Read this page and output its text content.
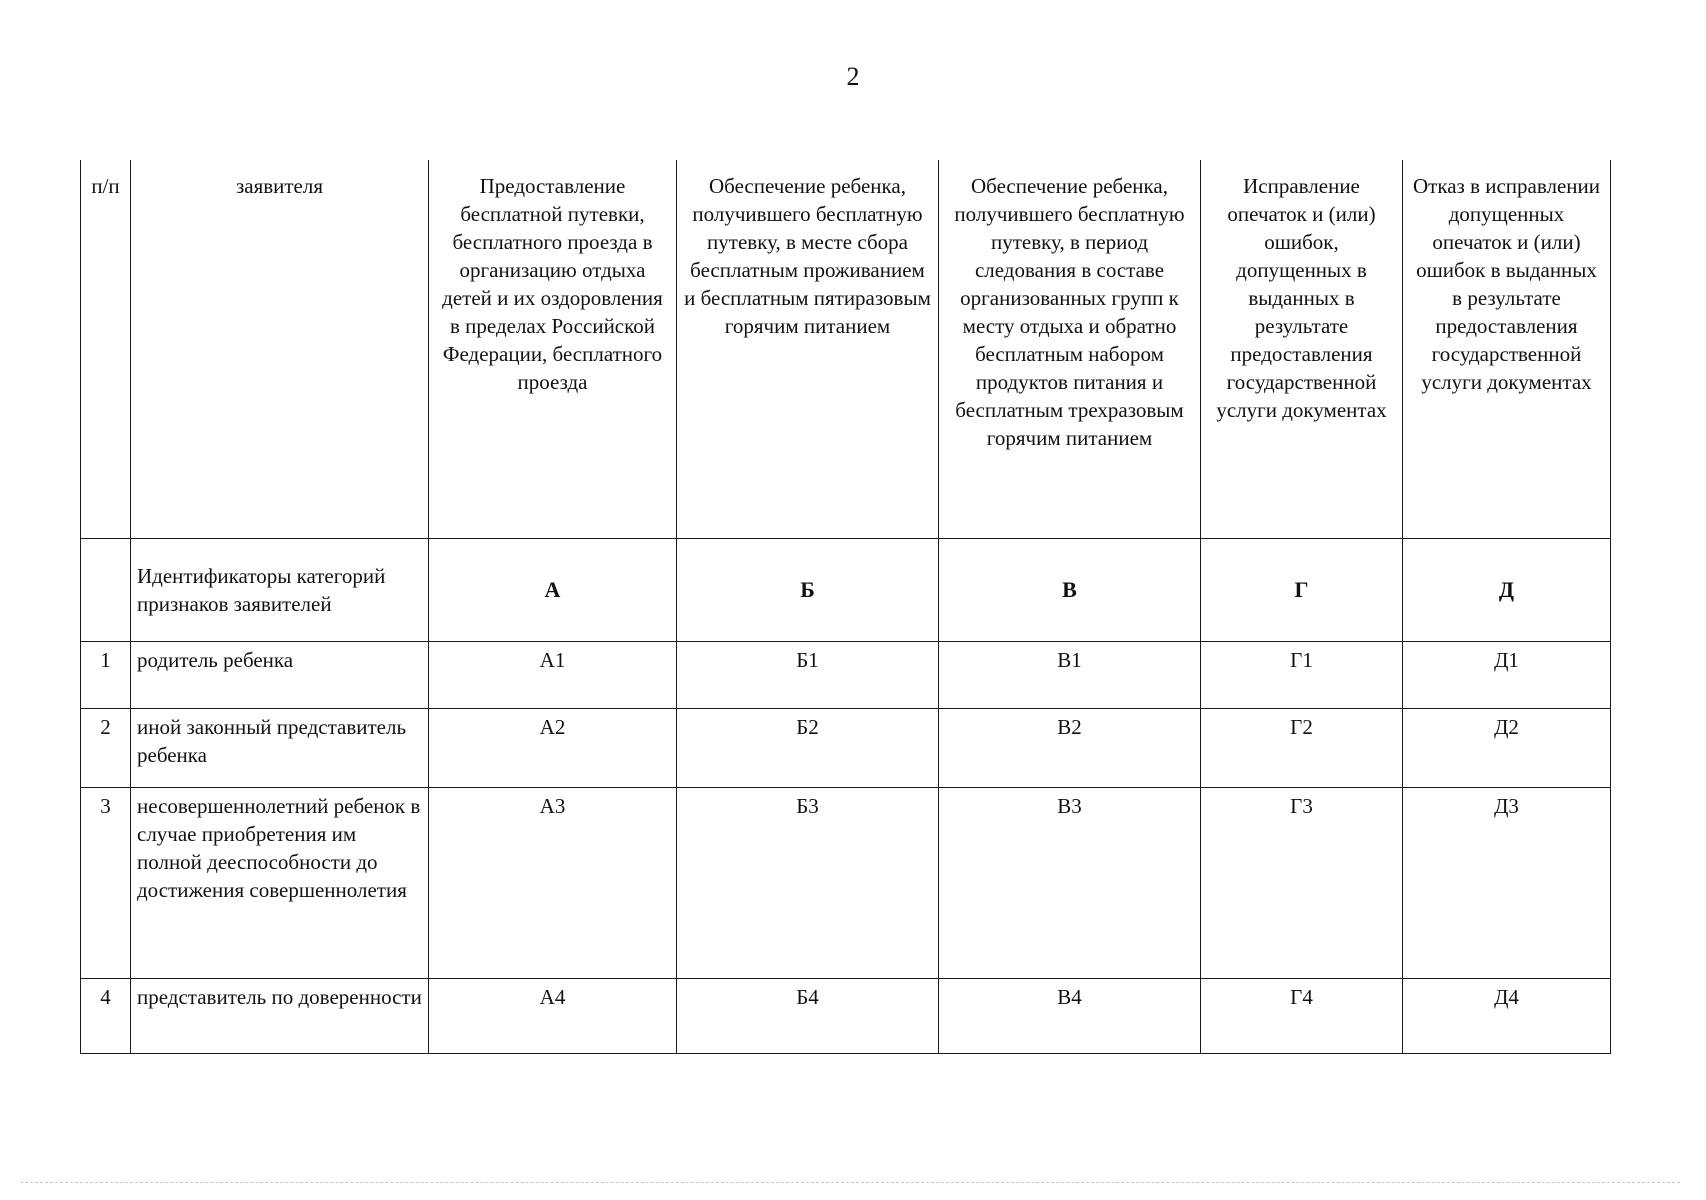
2
п/п	заявителя	Предоставление бесплатной путевки, бесплатного проезда в организацию отдыха детей и их оздоровления в пределах Российской Федерации, бесплатного проезда	Обеспечение ребенка, получившего бесплатную путевку, в месте сбора бесплатным проживанием и бесплатным пятиразовым горячим питанием	Обеспечение ребенка, получившего бесплатную путевку, в период следования в составе организованных групп к месту отдыха и обратно бесплатным набором продуктов питания и бесплатным трехразовым горячим питанием	Исправление опечаток и (или) ошибок, допущенных в выданных в результате предоставления государственной услуги документах	Отказ в исправлении допущенных опечаток и (или) ошибок в выданных в результате предоставления государственной услуги документах
	Идентификаторы категорий признаков заявителей	А	Б	В	Г	Д
1	родитель ребенка	А1	Б1	В1	Г1	Д1
2	иной законный представитель ребенка	А2	Б2	В2	Г2	Д2
3	несовершеннолетний ребенок в случае приобретения им полной дееспособности до достижения совершеннолетия	А3	Б3	В3	Г3	Д3
4	представитель по доверенности	А4	Б4	В4	Г4	Д4
